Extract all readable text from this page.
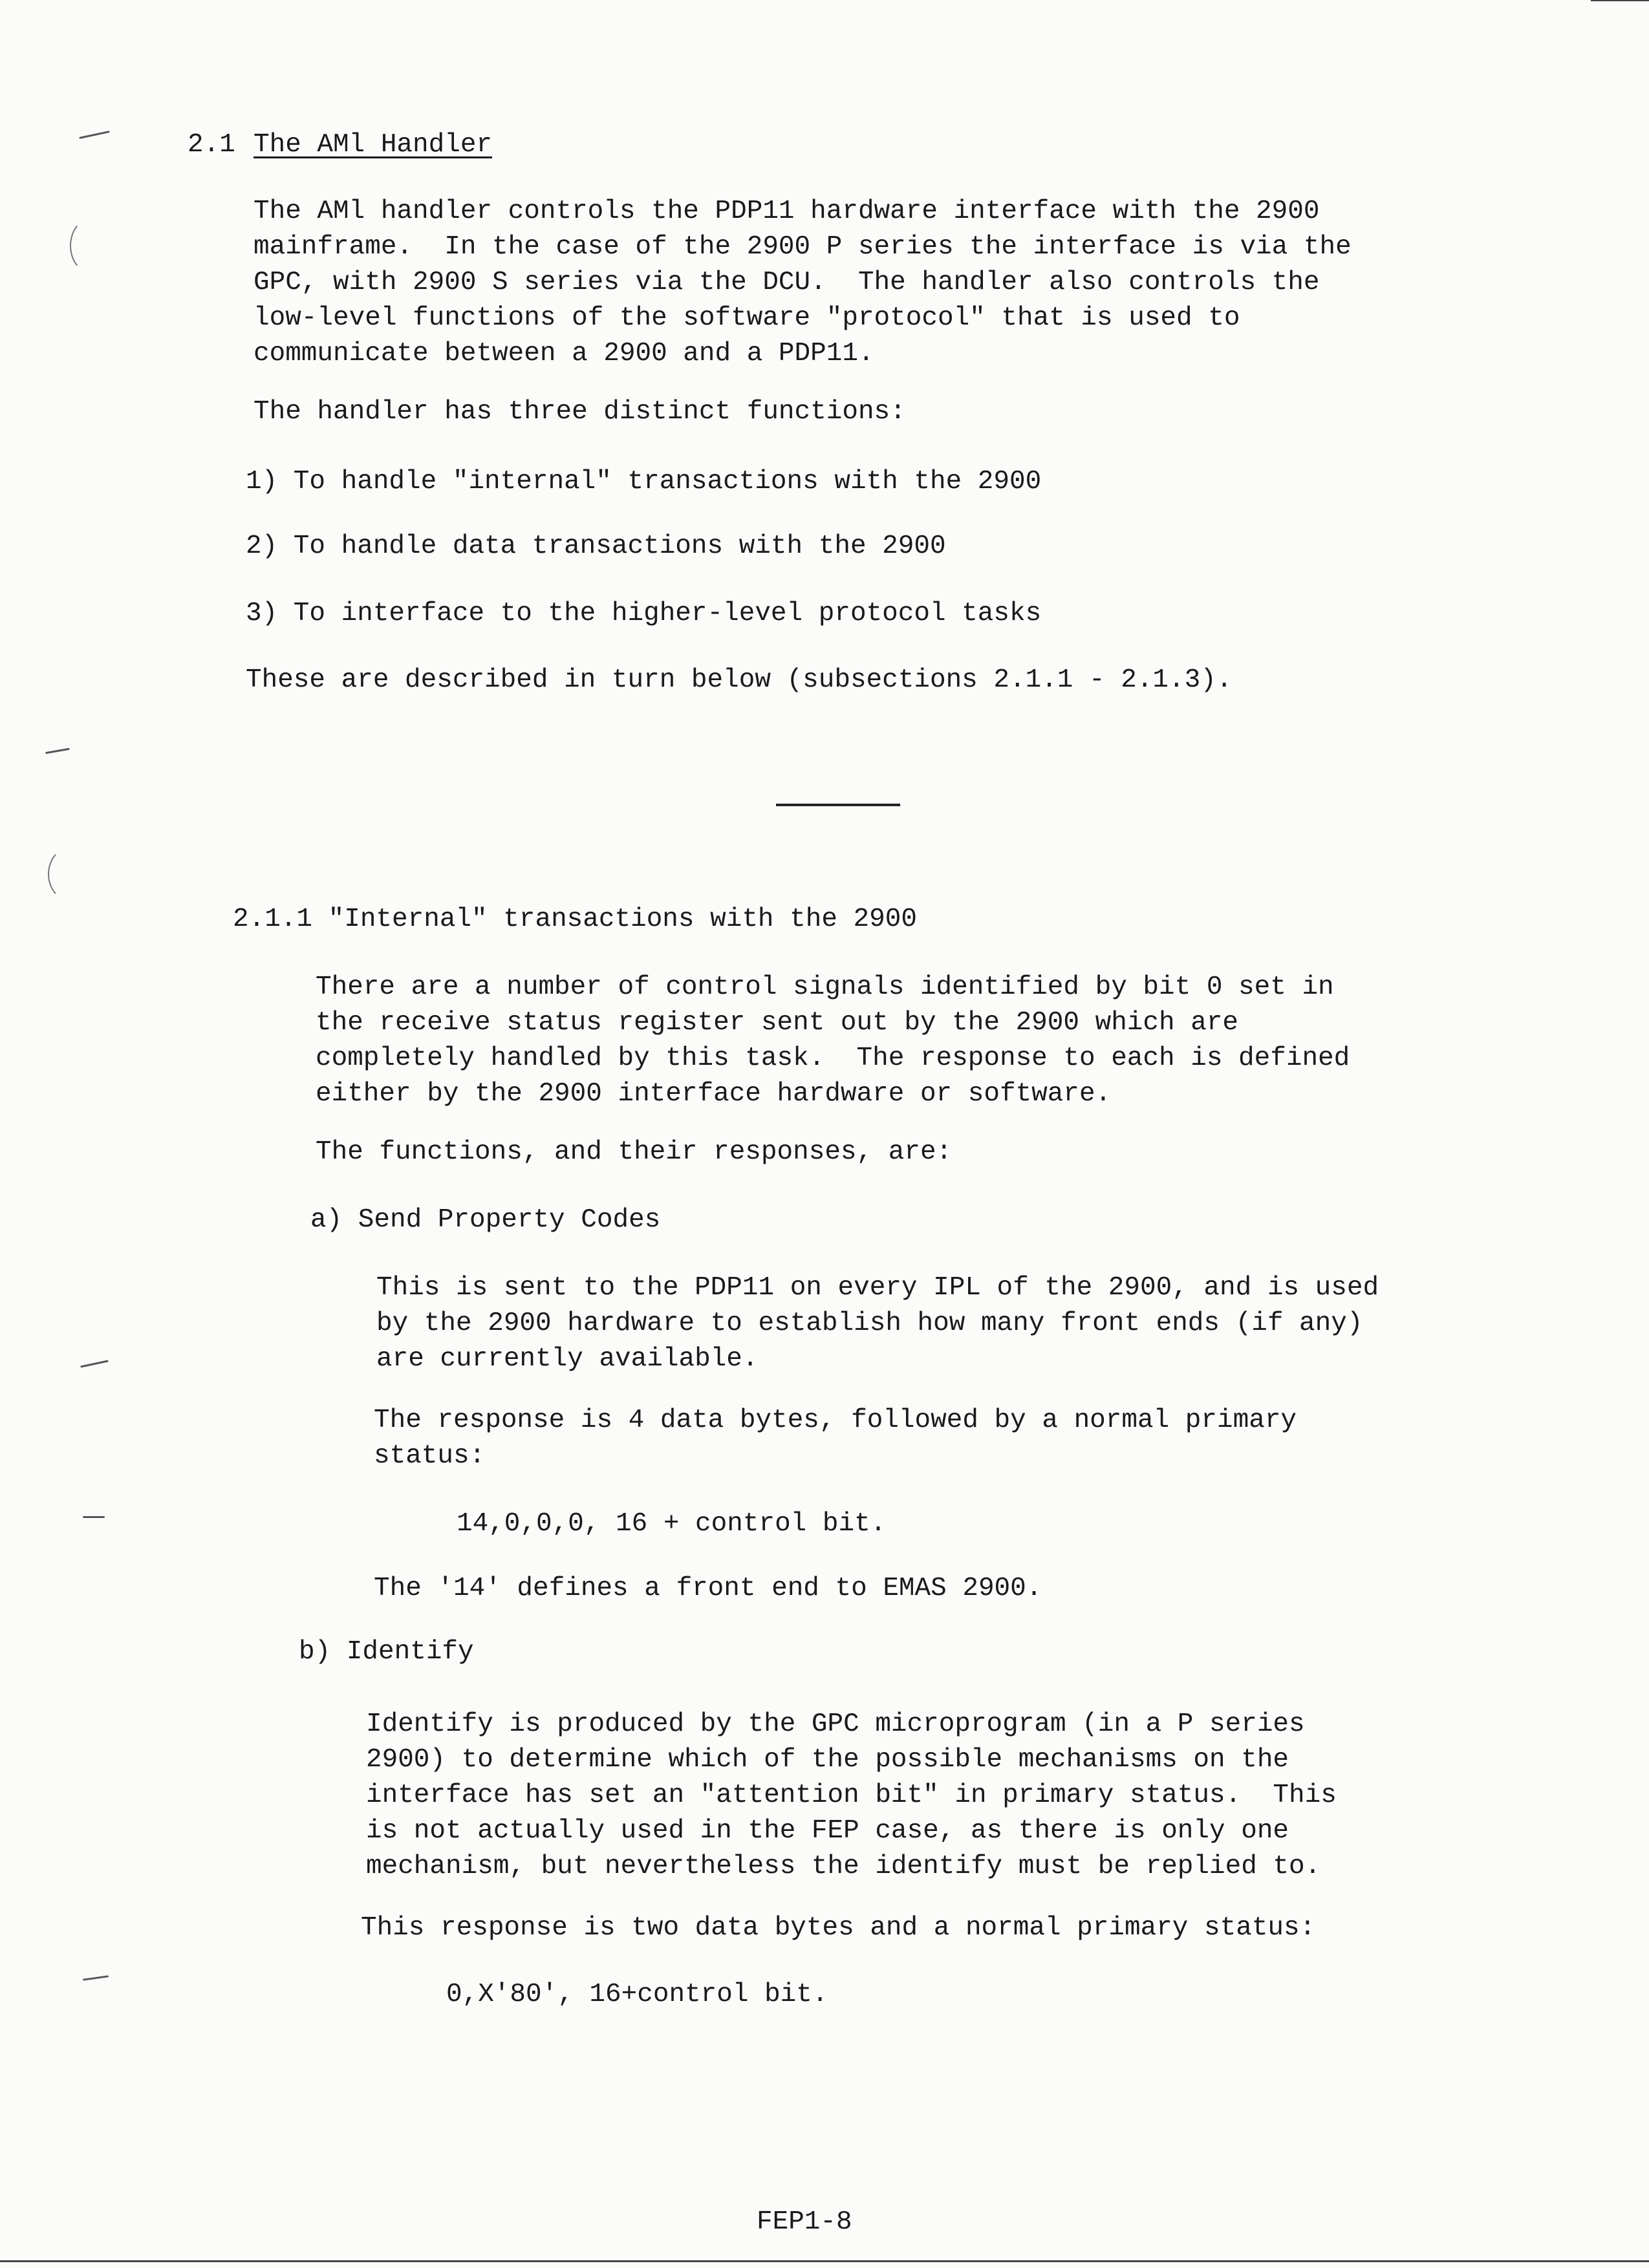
2.1 The AMl Handler
The AMl handler controls the PDP11 hardware interface with the 2900
mainframe.  In the case of the 2900 P series the interface is via the
GPC, with 2900 S series via the DCU.  The handler also controls the
low-level functions of the software "protocol" that is used to
communicate between a 2900 and a PDP11.
The handler has three distinct functions:
1) To handle "internal" transactions with the 2900
2) To handle data transactions with the 2900
3) To interface to the higher-level protocol tasks
These are described in turn below (subsections 2.1.1 - 2.1.3).
2.1.1 "Internal" transactions with the 2900
There are a number of control signals identified by bit 0 set in
the receive status register sent out by the 2900 which are
completely handled by this task.  The response to each is defined
either by the 2900 interface hardware or software.
The functions, and their responses, are:
a) Send Property Codes
This is sent to the PDP11 on every IPL of the 2900, and is used
by the 2900 hardware to establish how many front ends (if any)
are currently available.
The response is 4 data bytes, followed by a normal primary
status:
14,0,0,0, 16 + control bit.
The '14' defines a front end to EMAS 2900.
b) Identify
Identify is produced by the GPC microprogram (in a P series
2900) to determine which of the possible mechanisms on the
interface has set an "attention bit" in primary status.  This
is not actually used in the FEP case, as there is only one
mechanism, but nevertheless the identify must be replied to.
This response is two data bytes and a normal primary status:
0,X'80', 16+control bit.
FEP1-8
